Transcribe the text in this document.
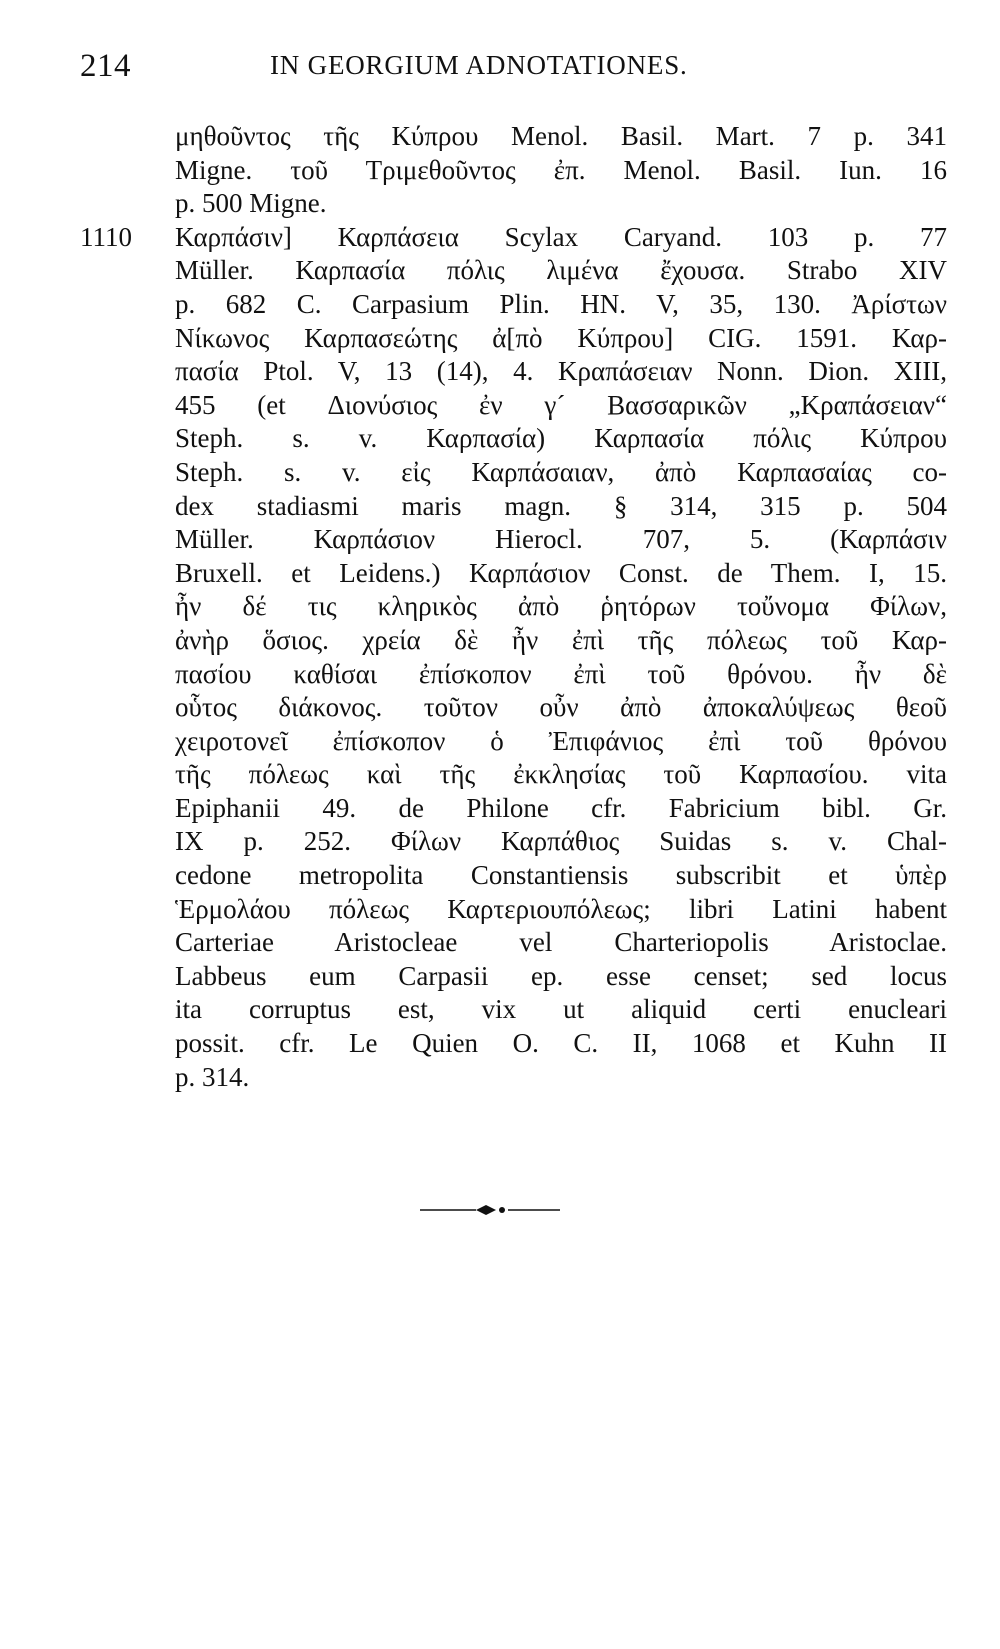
214	IN GEORGIUM ADNOTATIONES.
μηθοῦντος τῆς Κύπρου Menol. Basil. Mart. 7 p. 341
Migne. τοῦ Τριμεθοῦντος ἐπ. Menol. Basil. Iun. 16
p. 500 Migne.
1110 Καρπάσιν] Καρπάσεια Scylax Caryand. 103 p. 77
Müller. Καρπασία πόλις λιμένα ἔχουσα. Strabo XIV
p. 682 C. Carpasium Plin. HN. V, 35, 130. Ἀρίστων
Νίκωνος Καρπασεώτης ἀ[πὸ Κύπρου] CIG. 1591. Καρ-
πασία Ptol. V, 13 (14), 4. Κραπάσειαν Nonn. Dion. XIII,
455 (et Διονύσιος ἐν γ´ Βασσαρικῶν „Κραπάσειαν“
Steph. s. v. Καρπασία) Καρπασία πόλις Κύπρου
Steph. s. v. εἰς Καρπάσαιαν, ἀπὸ Καρπασαίας co-
dex stadiasmi maris magn. § 314, 315 p. 504
Müller. Καρπάσιον Hierocl. 707, 5. (Καρπάσιν
Bruxell. et Leidens.) Καρπάσιον Const. de Them. I, 15.
ἦν δέ τις κληρικὸς ἀπὸ ῥητόρων τοὔνομα Φίλων,
ἀνὴρ ὅσιος. χρεία δὲ ἦν ἐπὶ τῆς πόλεως τοῦ Καρ-
πασίου καθίσαι ἐπίσκοπον ἐπὶ τοῦ θρόνου. ἦν δὲ
οὗτος διάκονος. τοῦτον οὖν ἀπὸ ἀποκαλύψεως θεοῦ
χειροτονεῖ ἐπίσκοπον ὁ Ἐπιφάνιος ἐπὶ τοῦ θρόνου
τῆς πόλεως καὶ τῆς ἐκκλησίας τοῦ Καρπασίου. vita
Epiphanii 49. de Philone cfr. Fabricium bibl. Gr.
IX p. 252. Φίλων Καρπάθιος Suidas s. v. Chal-
cedone metropolita Constantiensis subscribit et ὑπὲρ
Ἑρμολάου πόλεως Καρτεριουπόλεως; libri Latini habent
Carteriae Aristocleae vel Charteriopolis Aristoclae.
Labbeus eum Carpasii ep. esse censet; sed locus
ita corruptus est, vix ut aliquid certi enucleari
possit. cfr. Le Quien O. C. II, 1068 et Kuhn II
p. 314.
